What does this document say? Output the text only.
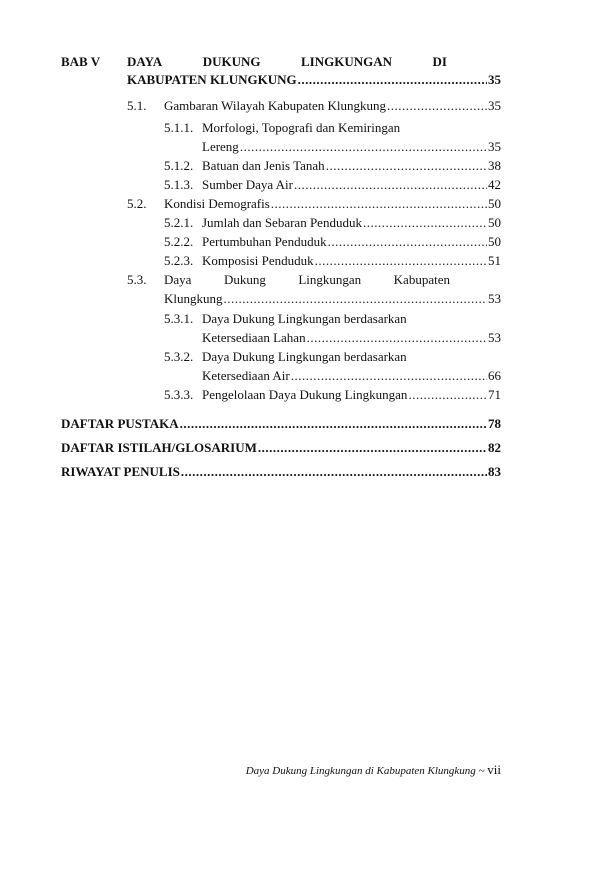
BAB V DAYA	DUKUNG	LINGKUNGAN	DI
KABUPATEN KLUNGKUNG .....	35
5.1. Gambaran Wilayah Kabupaten Klungkung .....	35
5.1.1. Morfologi, Topografi dan Kemiringan
Lereng .....	35
5.1.2. Batuan dan Jenis Tanah .....	38
5.1.3. Sumber Daya Air .....	42
5.2. Kondisi Demografis .....	50
5.2.1. Jumlah dan Sebaran Penduduk .....	50
5.2.2. Pertumbuhan Penduduk .....	50
5.2.3. Komposisi Penduduk .....	51
5.3. Daya	Dukung	Lingkungan	Kabupaten
Klungkung .....	53
5.3.1. Daya Dukung Lingkungan berdasarkan
Ketersediaan Lahan .....	53
5.3.2. Daya Dukung Lingkungan berdasarkan
Ketersediaan Air .....	66
5.3.3. Pengelolaan Daya Dukung Lingkungan .....	71
DAFTAR PUSTAKA .....	78
DAFTAR ISTILAH/GLOSARIUM .....	82
RIWAYAT PENULIS .....	83
Daya Dukung Lingkungan di Kabupaten Klungkung ~ vii
